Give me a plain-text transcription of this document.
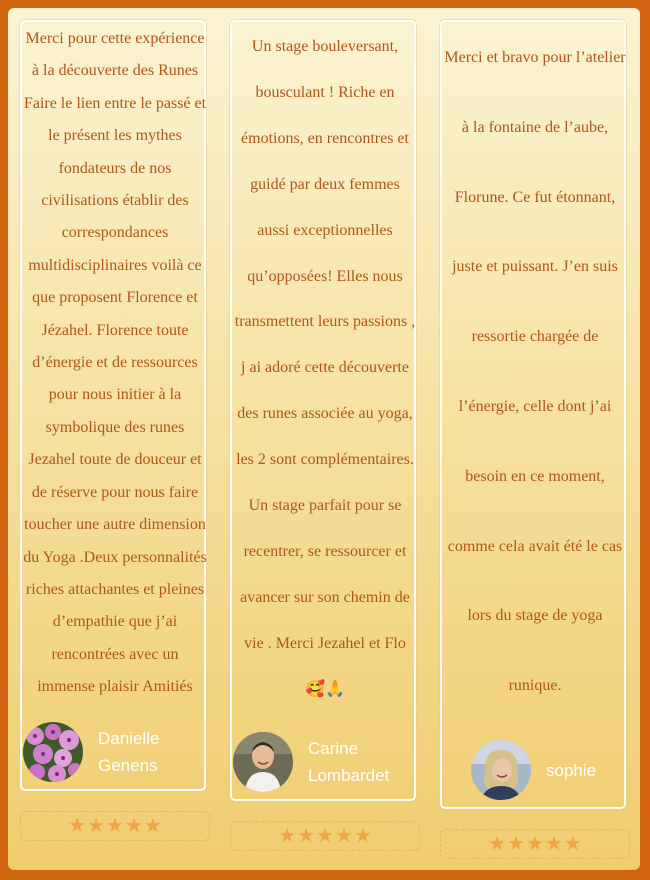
Merci pour cette expérience
à la découverte des Runes
Faire le lien entre le passé et
le présent les mythes
fondateurs de nos
civilisations établir des
correspondances
multidisciplinaires voilà ce
que proposent Florence et
Jézahel. Florence toute
d’énergie et de ressources
pour nous initier à la
symbolique des runes
Jezahel toute de douceur et
de réserve pour nous faire
toucher une autre dimension
du Yoga .Deux personnalités
riches attachantes et pleines
d’empathie que j’ai
rencontrées avec un
immense plaisir Amitiés
Danielle
Genens
★ ★ ★ ★ ★
Un stage bouleversant,
bousculant ! Riche en
émotions, en rencontres et
guidé par deux femmes
aussi exceptionnelles
qu’opposées! Elles nous
transmettent leurs passions ,
j ai adoré cette découverte
des runes associée au yoga,
les 2 sont complémentaires.
Un stage parfait pour se
recentrer, se ressourcer et
avancer sur son chemin de
vie . Merci Jezahel et Flo
🥰🙏
Carine
Lombardet
★ ★ ★ ★ ★
Merci et bravo pour l’atelier
à la fontaine de l’aube,
Florune. Ce fut étonnant,
juste et puissant. J’en suis
ressortie chargée de
l’énergie, celle dont j’ai
besoin en ce moment,
comme cela avait été le cas
lors du stage de yoga
runique.
sophie
★ ★ ★ ★ ★
